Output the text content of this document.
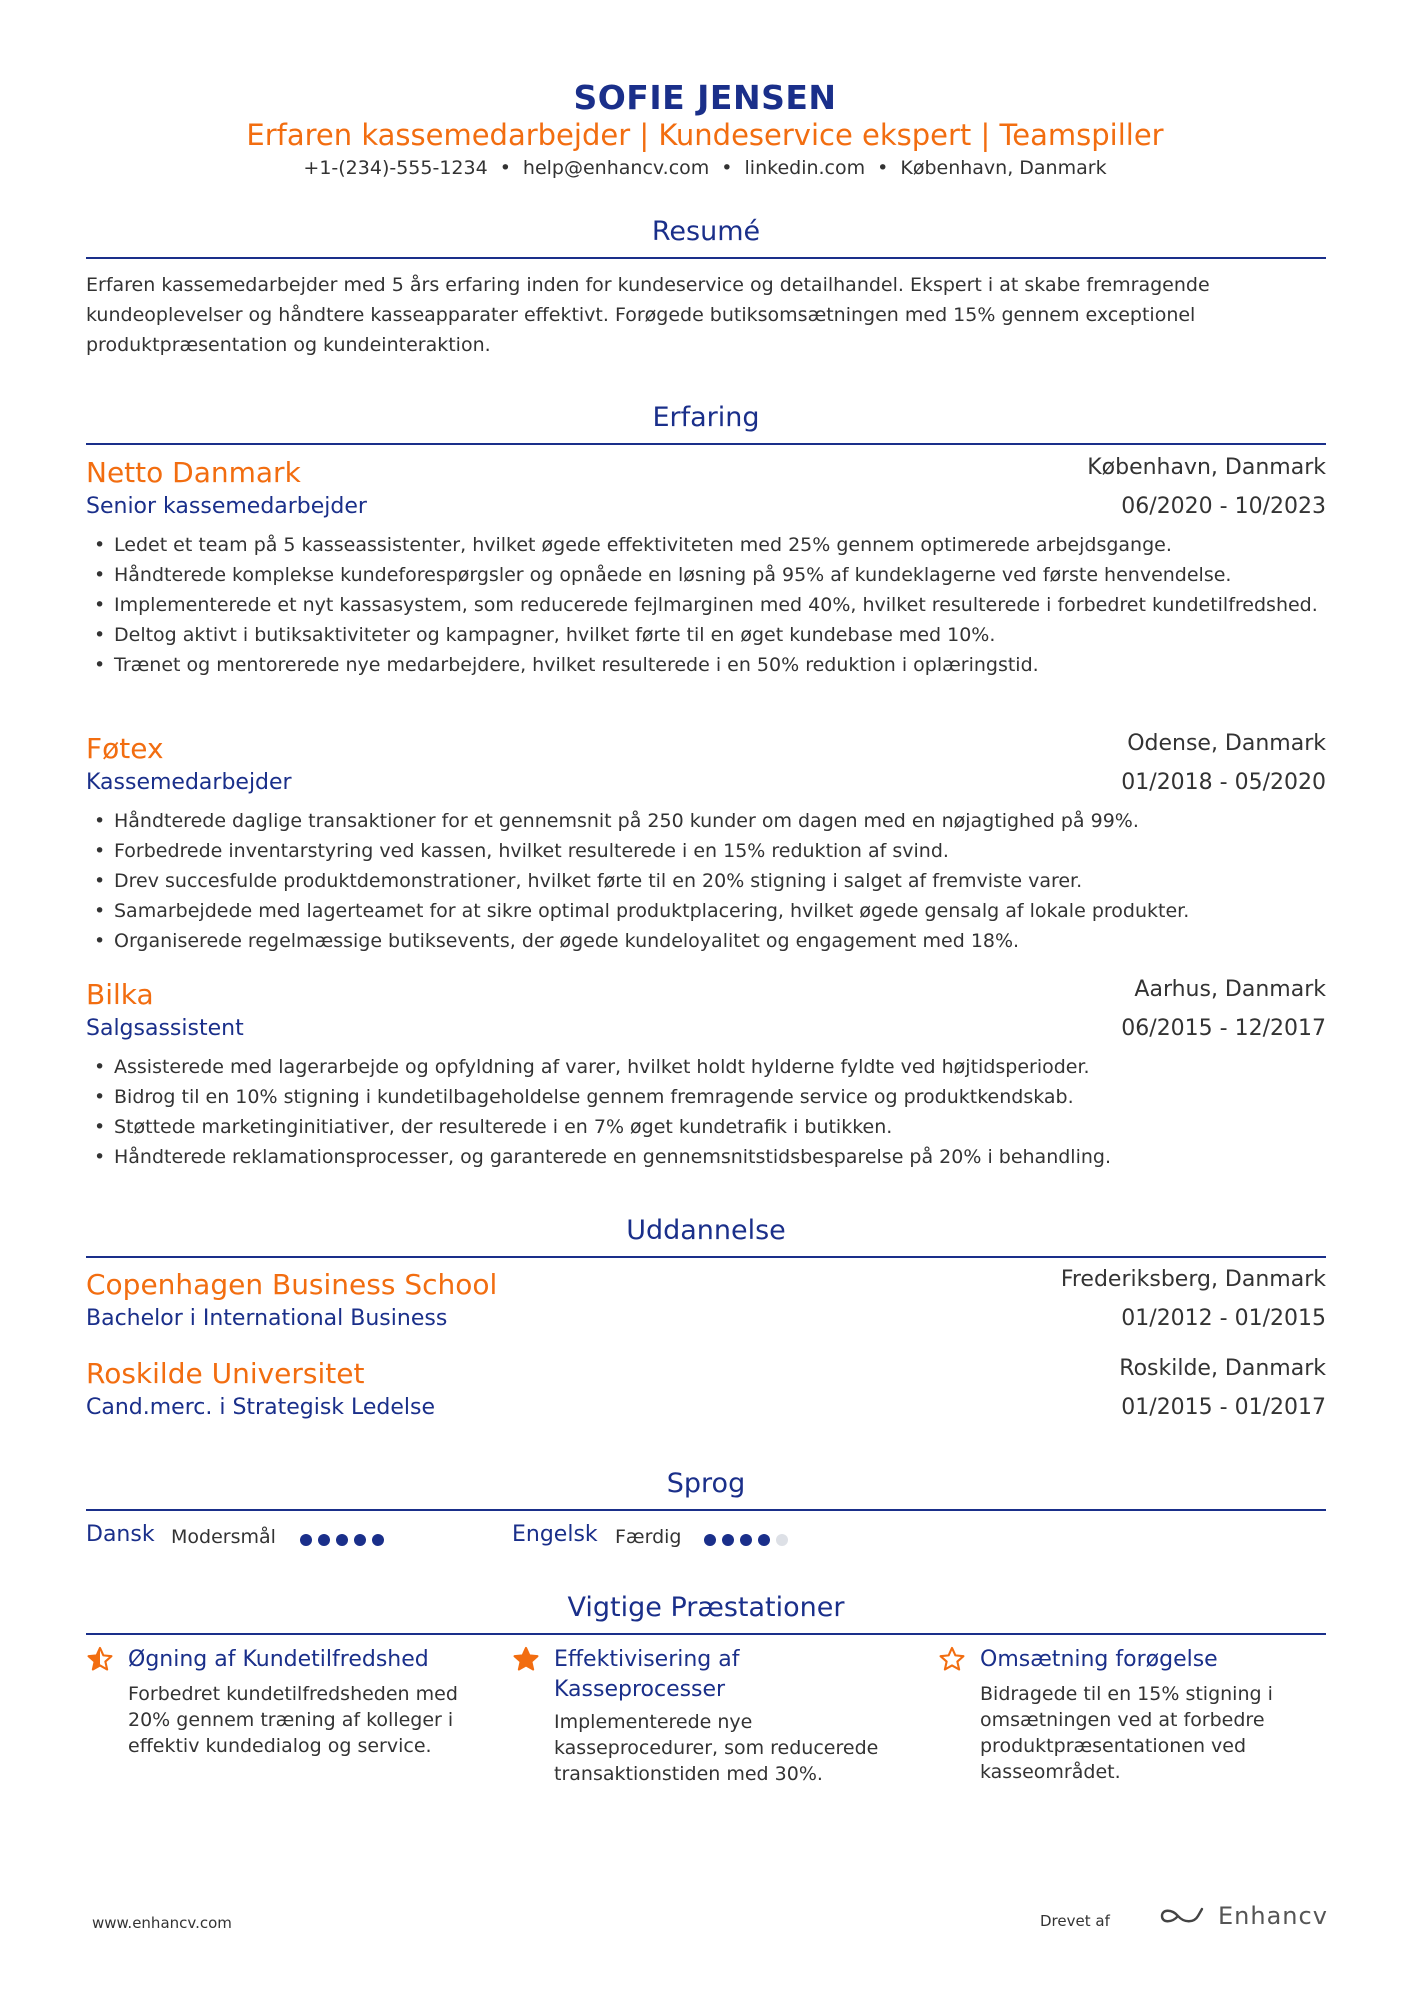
SOFIE JENSEN
Erfaren kassemedarbejder | Kundeservice ekspert | Teamspiller
+1-(234)-555-1234 • help@enhancv.com • linkedin.com • København, Danmark
Resumé
Erfaren kassemedarbejder med 5 års erfaring inden for kundeservice og detailhandel. Ekspert i at skabe fremragende kundeoplevelser og håndtere kasseapparater effektivt. Forøgede butiksomsætningen med 15% gennem exceptionel produktpræsentation og kundeinteraktion.
Erfaring
Netto Danmark	København, Danmark
Senior kassemedarbejder	06/2020 - 10/2023
• Ledet et team på 5 kasseassistenter, hvilket øgede effektiviteten med 25% gennem optimerede arbejdsgange.
• Håndterede komplekse kundeforespørgsler og opnåede en løsning på 95% af kundeklagerne ved første henvendelse.
• Implementerede et nyt kassasystem, som reducerede fejlmarginen med 40%, hvilket resulterede i forbedret kundetilfredshed.
• Deltog aktivt i butiksaktiviteter og kampagner, hvilket førte til en øget kundebase med 10%.
• Trænet og mentorerede nye medarbejdere, hvilket resulterede i en 50% reduktion i oplæringstid.
Føtex	Odense, Danmark
Kassemedarbejder	01/2018 - 05/2020
• Håndterede daglige transaktioner for et gennemsnit på 250 kunder om dagen med en nøjagtighed på 99%.
• Forbedrede inventarstyring ved kassen, hvilket resulterede i en 15% reduktion af svind.
• Drev succesfulde produktdemonstrationer, hvilket førte til en 20% stigning i salget af fremviste varer.
• Samarbejdede med lagerteamet for at sikre optimal produktplacering, hvilket øgede gensalg af lokale produkter.
• Organiserede regelmæssige butiksevents, der øgede kundeloyalitet og engagement med 18%.
Bilka	Aarhus, Danmark
Salgsassistent	06/2015 - 12/2017
• Assisterede med lagerarbejde og opfyldning af varer, hvilket holdt hylderne fyldte ved højtidsperioder.
• Bidrog til en 10% stigning i kundetilbageholdelse gennem fremragende service og produktkendskab.
• Støttede marketinginitiativer, der resulterede i en 7% øget kundetrafik i butikken.
• Håndterede reklamationsprocesser, og garanterede en gennemsnitstidsbesparelse på 20% i behandling.
Uddannelse
Copenhagen Business School	Frederiksberg, Danmark
Bachelor i International Business	01/2012 - 01/2015
Roskilde Universitet	Roskilde, Danmark
Cand.merc. i Strategisk Ledelse	01/2015 - 01/2017
Sprog
Dansk Modersmål	Engelsk Færdig
Vigtige Præstationer
Øgning af Kundetilfredshed
Forbedret kundetilfredsheden med 20% gennem træning af kolleger i effektiv kundedialog og service.
Effektivisering af Kasseprocesser
Implementerede nye kasseprocedurer, som reducerede transaktionstiden med 30%.
Omsætning forøgelse
Bidragede til en 15% stigning i omsætningen ved at forbedre produktpræsentationen ved kasseområdet.
www.enhancv.com	Drevet af	Enhancv
